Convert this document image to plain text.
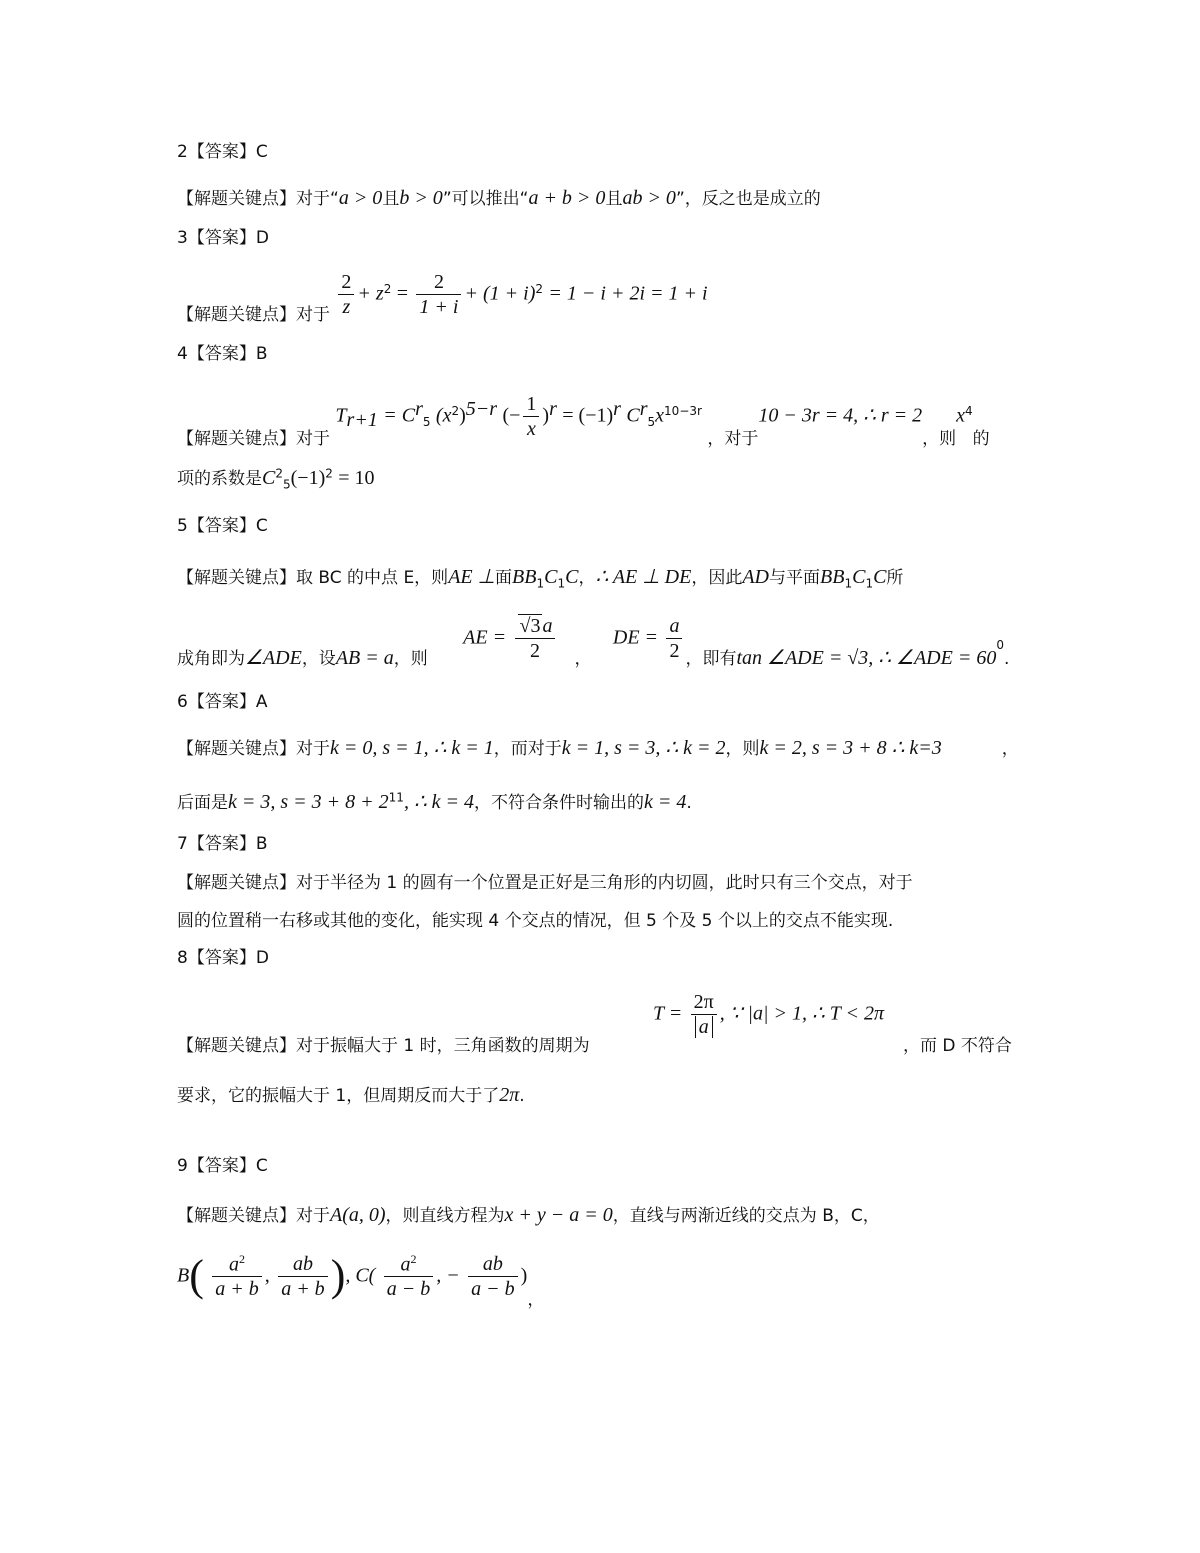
2【答案】C
【解题关键点】对于“a > 0且b > 0”可以推出“a + b > 0且ab > 0”，反之也是成立的
3【答案】D
【解题关键点】对于 $\frac{2}{z} + z^2 = \frac{2}{1 + i} + (1 + i)^2 = 1 - i + 2i = 1 + i$
4【答案】B
【解题关键点】对于 $T_{r+1} = C^r_5$ $(x^2)^{5-r}$ (− $\frac{1}{x} )^r = (-1)^r$ $C^r_5x^{10-3r}$ ，对于10 − 3r = 4, ∴ r = 2，则$x^4$的
项的系数是$C^2_5(-1)^2 = 10$
5【答案】C
【解题关键点】取 BC 的中点 E，则AE ⊥面$BB_1C_1C$，∴ AE ⊥ DE，因此AD与平面$BB_1C_1C$所
成角即为∠ADE，设AB = a，则 AE = $\frac{√3 a}{2}$ ， DE = $\frac{a}{2}$ ，即有tan ∠ADE = √3, ∴ ∠ADE = $60^0$.
6【答案】A
【解题关键点】对于k = 0, s = 1, ∴ k = 1，而对于k = 1, s = 3, ∴ k = 2，则k = 2, s = 3 + 8 ∴ k=3	，
后面是k = 3, $s = 3 + 8 + 2^{11}$, ∴ k = 4，不符合条件时输出的k = 4.
7【答案】B
【解题关键点】对于半径为 1 的圆有一个位置是正好是三角形的内切圆，此时只有三个交点，对于
圆的位置稍一右移或其他的变化，能实现 4 个交点的情况，但 5 个及 5 个以上的交点不能实现.
8【答案】D
【解题关键点】对于振幅大于 1 时，三角函数的周期为
$T = \frac{2\pi}{a}$ , ∵ |a| > 1, ∴ T < 2π
，而 D 不符合
要求，它的振幅大于 1，但周期反而大于了2π.
9【答案】C
【解题关键点】对于A(a, 0)，则直线方程为x + y − a = 0，直线与两渐近线的交点为 B，C，
$B( \frac{a^2}{a + b}$ , $\frac{ab}{a + b}$ ), $C( \frac{a^2}{a - b}$ , − $\frac{ab}{a - b}$ )，
